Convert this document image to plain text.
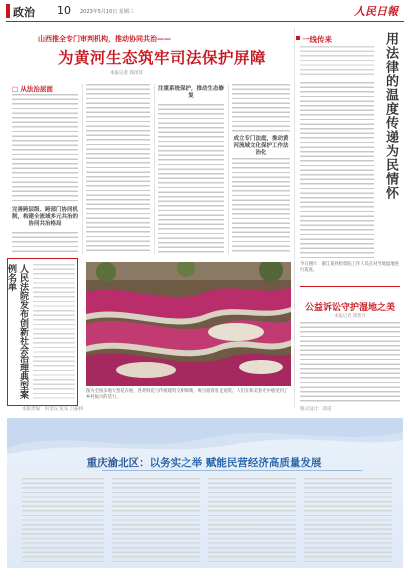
政治 10 2023年5月10日 星期三	人民日報
山西推全专门审判机构，推动协同共治——
为黄河生态筑牢司法保护屏障
本报记者 郑洋洋
□ 从法治层面
完善跨层级、跨部门协同机制，构建全流域多元共治的协同共治格局
注重系统保护，推动生态修复
成立专门法庭，推动黄河流域文化保护工作法治化
一线传来	用法律的温度传递为民情怀
今日图片：浙江某县检察院工作人员在对当地湿地进行巡查。
公益诉讼守护湿地之美
本报记者 郑智月
人民法院发布创新社会治理典型案例名单
图为全国多地大型花卉展，各类鲜花与传统建筑交相辉映，吸引游客驻足观赏，人们在和美春光中感受到了乡村振兴的活力。
本版责编：何金汉 张乐 吕振桥	版式设计：郑雷
重庆渝北区：以务实之举 赋能民营经济高质量发展
